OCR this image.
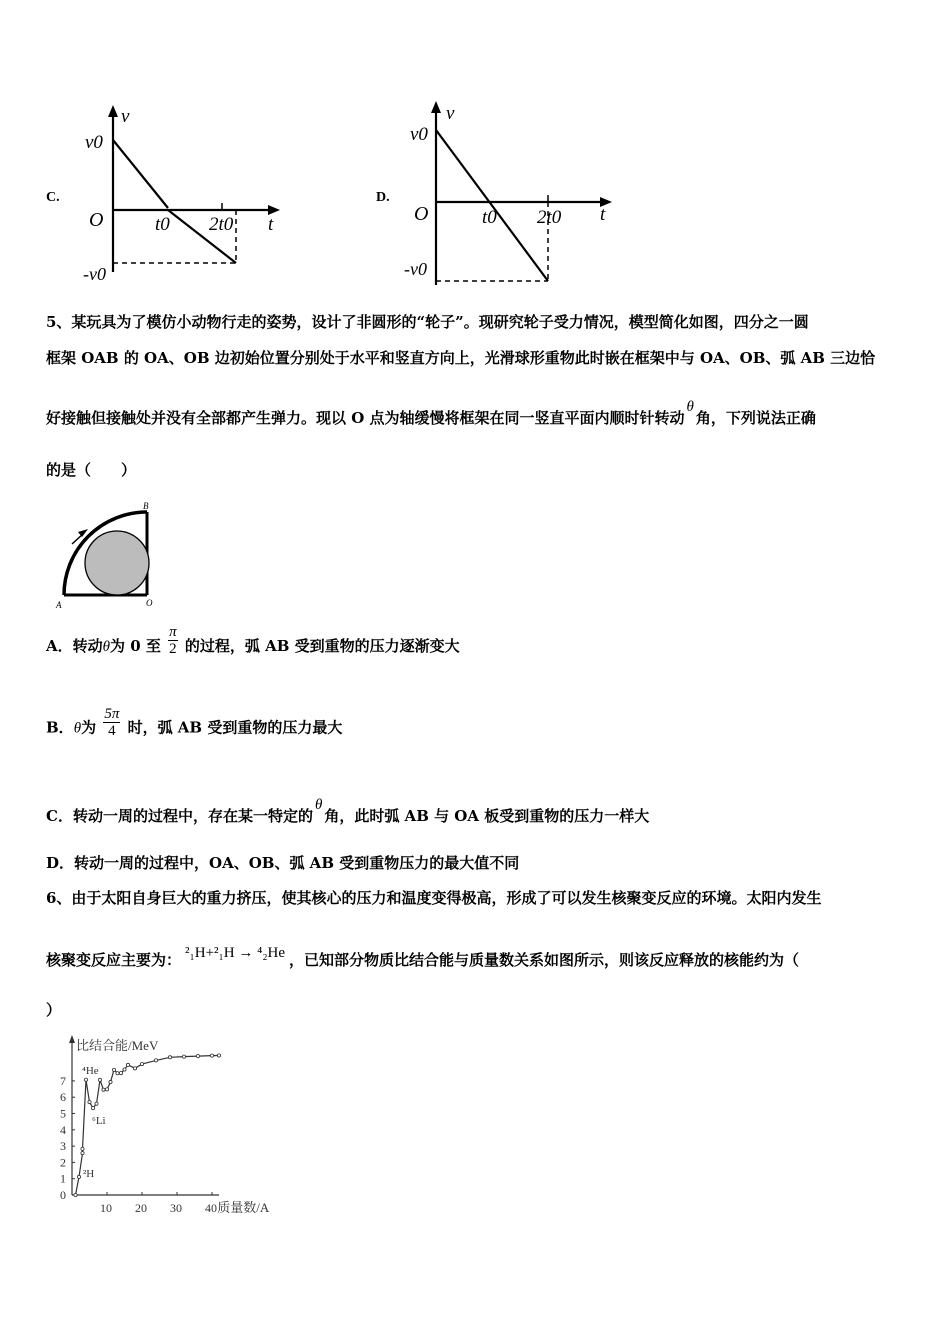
C.
v
v0
O	t0 2t0 t
-v0
D.
v
v0
O	t0 2t0 t
-v0
5、某玩具为了模仿小动物行走的姿势，设计了非圆形的“轮子”。现研究轮子受力情况，模型简化如图，四分之一圆
框架 OAB 的 OA、OB 边初始位置分别处于水平和竖直方向上，光滑球形重物此时嵌在框架中与 OA、OB、弧 AB 三边恰
好接触但接触处并没有全部都产生弹力。现以 O 点为轴缓慢将框架在同一竖直平面内顺时针转动θ角，下列说法正确
的是（　　）
A
B
O
A．转动θ为 0 至 $\frac{\pi}{2}$ 的过程，弧 AB 受到重物的压力逐渐变大
B．θ为 $\frac{5\pi}{4}$ 时，弧 AB 受到重物的压力最大
C．转动一周的过程中，存在某一特定的θ角，此时弧 AB 与 OA 板受到重物的压力一样大
D．转动一周的过程中，OA、OB、弧 AB 受到重物压力的最大值不同
6、由于太阳自身巨大的重力挤压，使其核心的压力和温度变得极高，形成了可以发生核聚变反应的环境。太阳内发生
核聚变反应主要为： ²₁H+²₁H → ⁴₂He ，已知部分物质比结合能与质量数关系如图所示，则该反应释放的核能约为（
）
比结合能/MeV
质量数/A
0
1
2
3
4
5
6
7
10 20 30 40
⁴He
⁶Li
²H
